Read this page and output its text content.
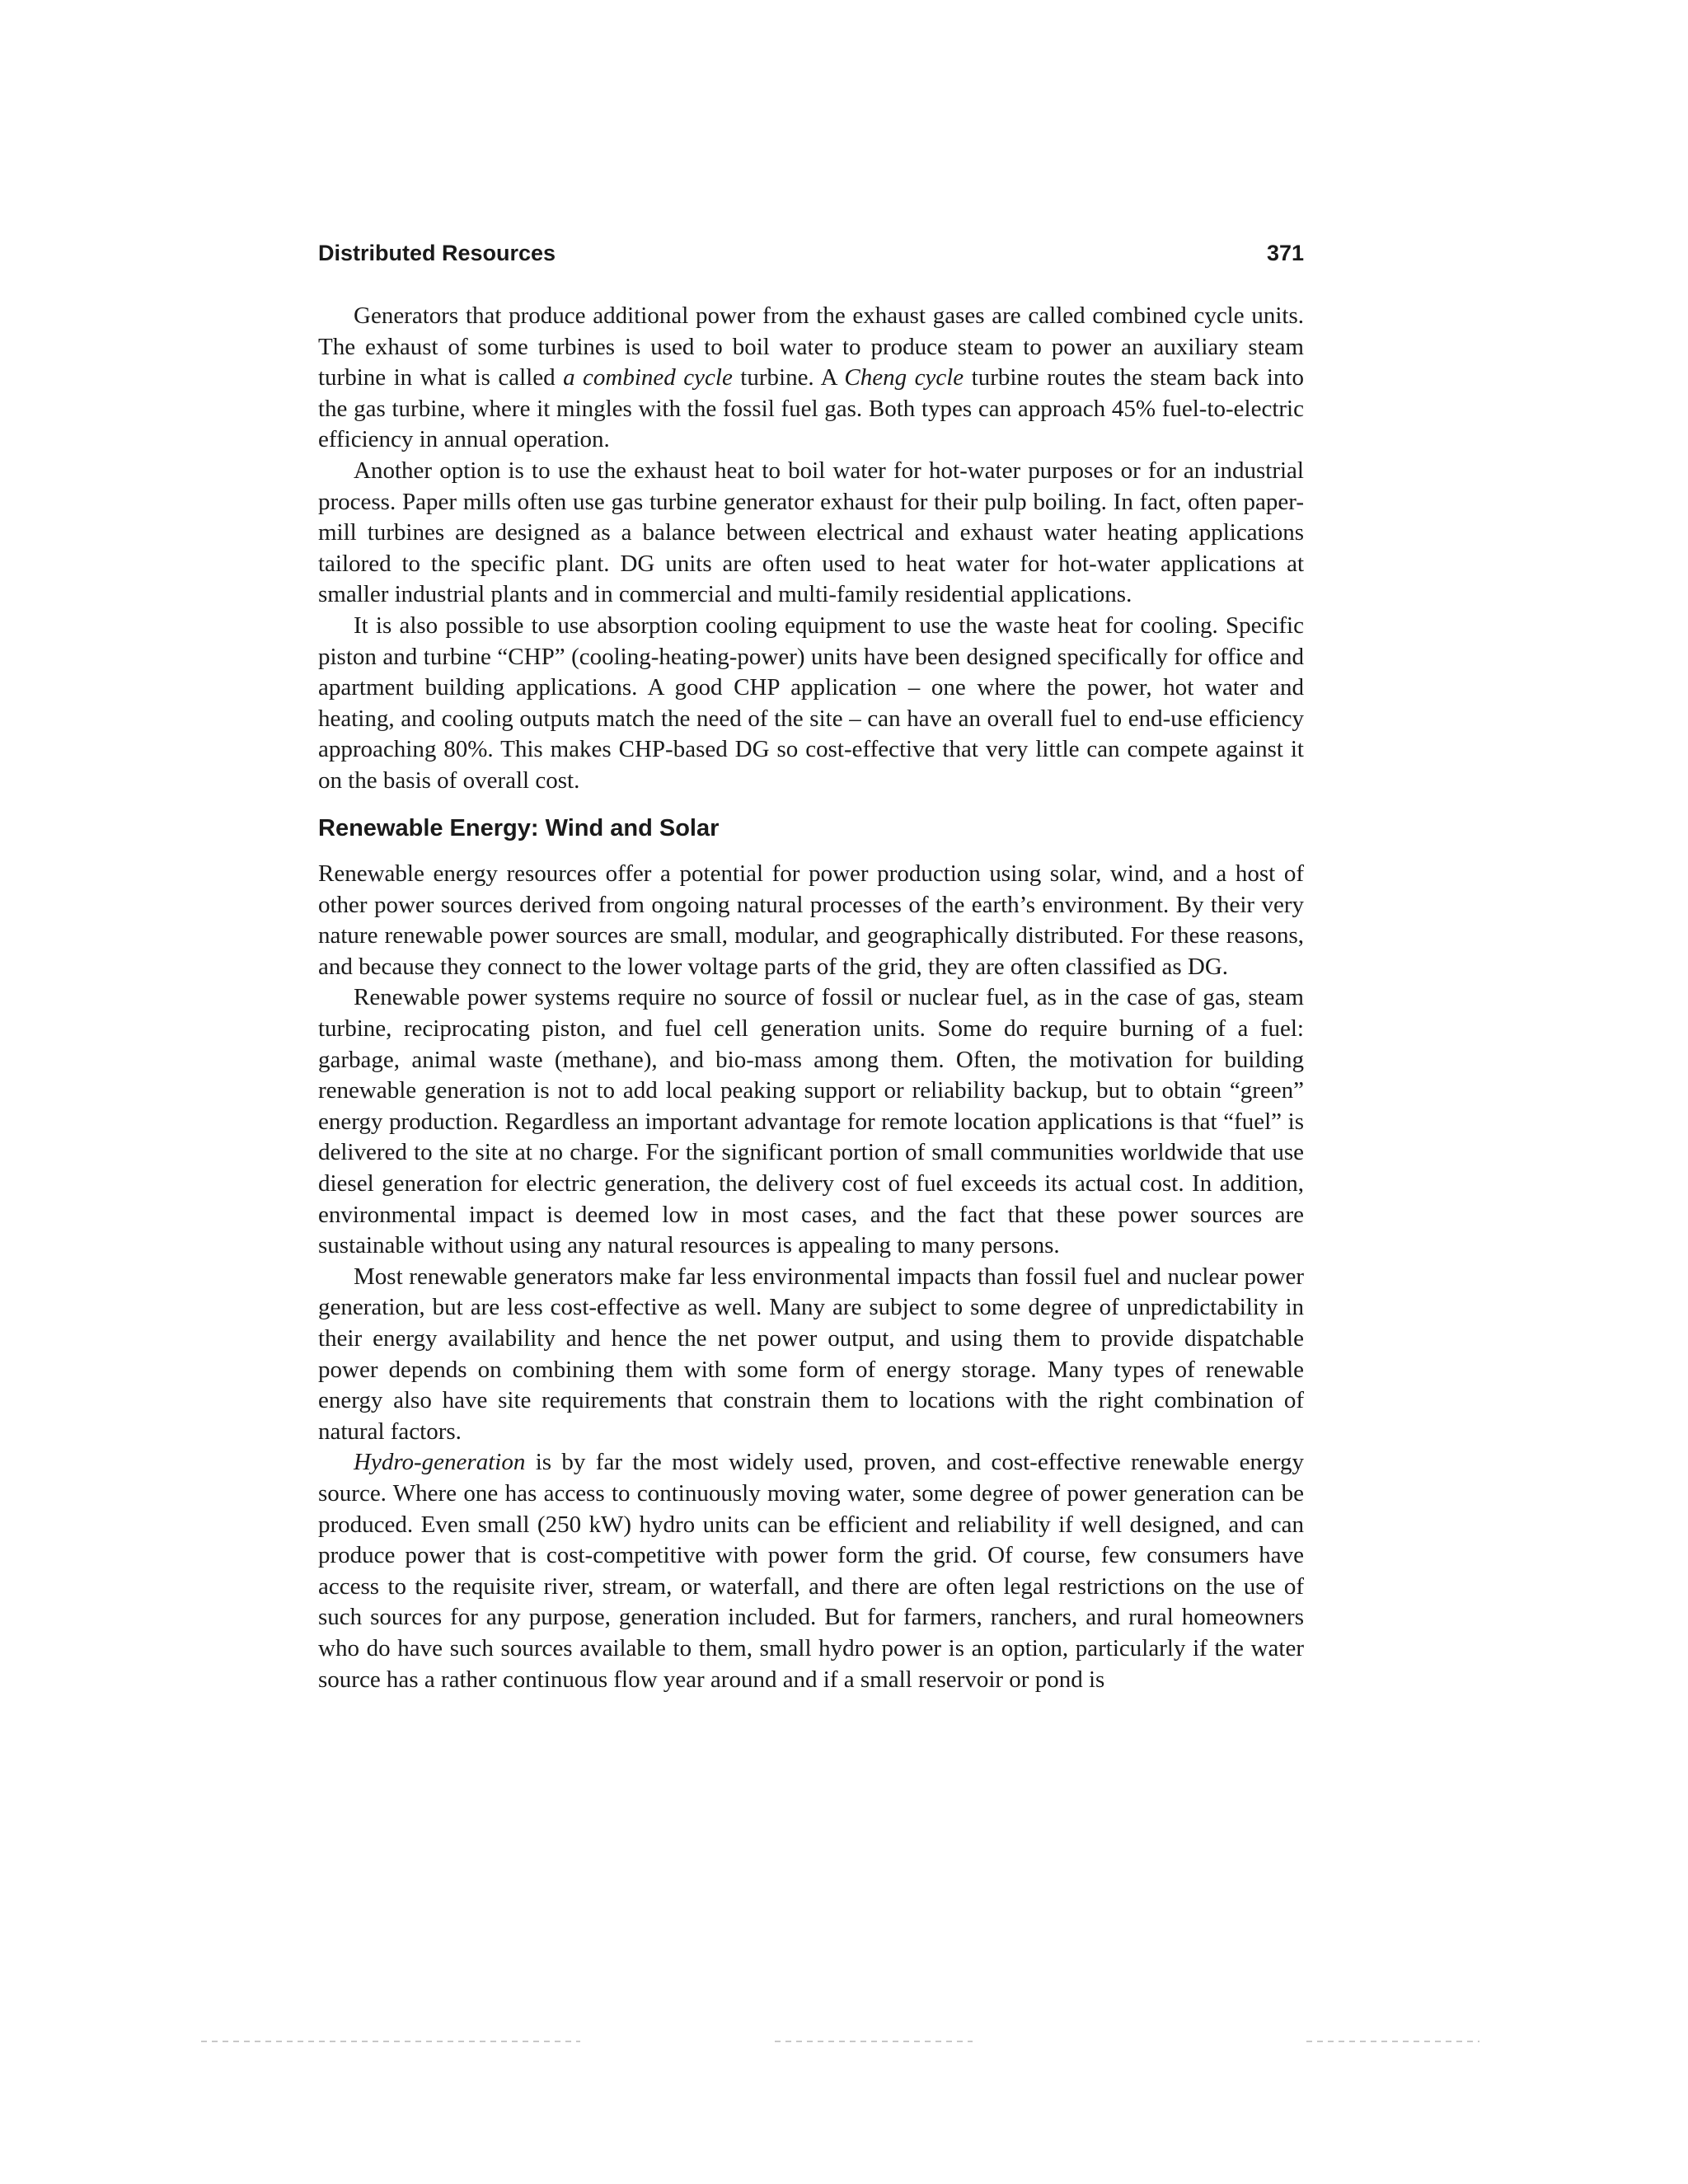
Distributed Resources	371

Generators that produce additional power from the exhaust gases are called combined cycle units. The exhaust of some turbines is used to boil water to produce steam to power an auxiliary steam turbine in what is called a combined cycle turbine. A Cheng cycle turbine routes the steam back into the gas turbine, where it mingles with the fossil fuel gas. Both types can approach 45% fuel-to-electric efficiency in annual operation.

Another option is to use the exhaust heat to boil water for hot-water purposes or for an industrial process. Paper mills often use gas turbine generator exhaust for their pulp boiling. In fact, often paper-mill turbines are designed as a balance between electrical and exhaust water heating applications tailored to the specific plant. DG units are often used to heat water for hot-water applications at smaller industrial plants and in commercial and multi-family residential applications.

It is also possible to use absorption cooling equipment to use the waste heat for cooling. Specific piston and turbine “CHP” (cooling-heating-power) units have been designed specifically for office and apartment building applications. A good CHP application – one where the power, hot water and heating, and cooling outputs match the need of the site – can have an overall fuel to end-use efficiency approaching 80%. This makes CHP-based DG so cost-effective that very little can compete against it on the basis of overall cost.

Renewable Energy: Wind and Solar

Renewable energy resources offer a potential for power production using solar, wind, and a host of other power sources derived from ongoing natural processes of the earth’s environment. By their very nature renewable power sources are small, modular, and geographically distributed. For these reasons, and because they connect to the lower voltage parts of the grid, they are often classified as DG.

Renewable power systems require no source of fossil or nuclear fuel, as in the case of gas, steam turbine, reciprocating piston, and fuel cell generation units. Some do require burning of a fuel: garbage, animal waste (methane), and bio-mass among them. Often, the motivation for building renewable generation is not to add local peaking support or reliability backup, but to obtain “green” energy production. Regardless an important advantage for remote location applications is that “fuel” is delivered to the site at no charge. For the significant portion of small communities worldwide that use diesel generation for electric generation, the delivery cost of fuel exceeds its actual cost. In addition, environmental impact is deemed low in most cases, and the fact that these power sources are sustainable without using any natural resources is appealing to many persons.

Most renewable generators make far less environmental impacts than fossil fuel and nuclear power generation, but are less cost-effective as well. Many are subject to some degree of unpredictability in their energy availability and hence the net power output, and using them to provide dispatchable power depends on combining them with some form of energy storage. Many types of renewable energy also have site requirements that constrain them to locations with the right combination of natural factors.

Hydro-generation is by far the most widely used, proven, and cost-effective renewable energy source. Where one has access to continuously moving water, some degree of power generation can be produced. Even small (250 kW) hydro units can be efficient and reliability if well designed, and can produce power that is cost-competitive with power form the grid. Of course, few consumers have access to the requisite river, stream, or waterfall, and there are often legal restrictions on the use of such sources for any purpose, generation included. But for farmers, ranchers, and rural homeowners who do have such sources available to them, small hydro power is an option, particularly if the water source has a rather continuous flow year around and if a small reservoir or pond is
